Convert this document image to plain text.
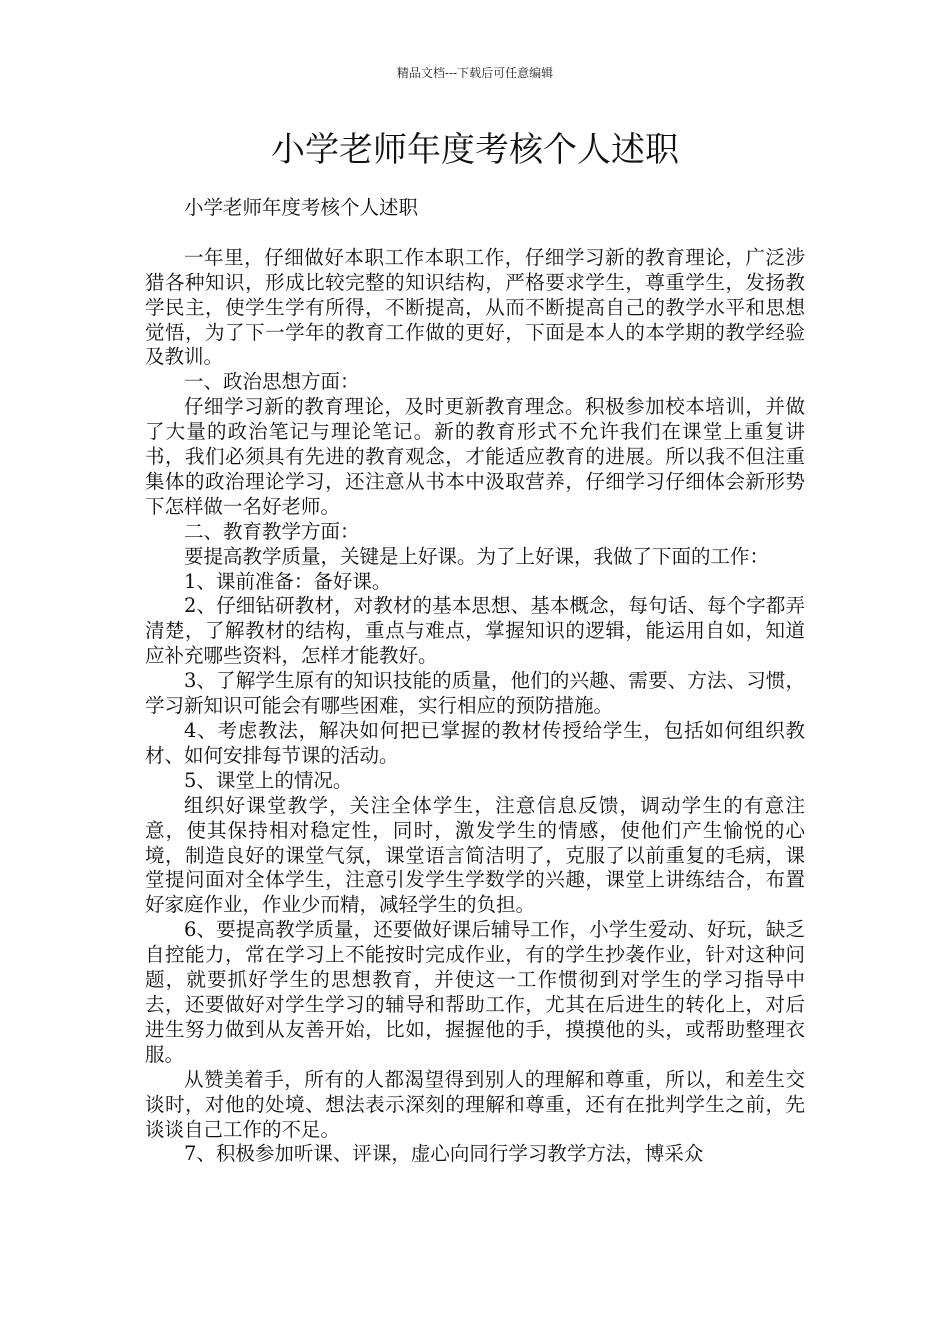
精品文档---下载后可任意编辑
小学老师年度考核个人述职

小学老师年度考核个人述职

一年里，仔细做好本职工作本职工作，仔细学习新的教育理论，广泛涉猎各种知识，形成比较完整的知识结构，严格要求学生，尊重学生，发扬教学民主，使学生学有所得，不断提高，从而不断提高自己的教学水平和思想觉悟，为了下一学年的教育工作做的更好，下面是本人的本学期的教学经验及教训。

一、政治思想方面：

仔细学习新的教育理论，及时更新教育理念。积极参加校本培训，并做了大量的政治笔记与理论笔记。新的教育形式不允许我们在课堂上重复讲书，我们必须具有先进的教育观念，才能适应教育的进展。所以我不但注重集体的政治理论学习，还注意从书本中汲取营养，仔细学习仔细体会新形势下怎样做一名好老师。

二、教育教学方面：

要提高教学质量，关键是上好课。为了上好课，我做了下面的工作：

1、课前准备：备好课。

2、仔细钻研教材，对教材的基本思想、基本概念，每句话、每个字都弄清楚，了解教材的结构，重点与难点，掌握知识的逻辑，能运用自如，知道应补充哪些资料，怎样才能教好。

3、了解学生原有的知识技能的质量，他们的兴趣、需要、方法、习惯，学习新知识可能会有哪些困难，实行相应的预防措施。

4、考虑教法，解决如何把已掌握的教材传授给学生，包括如何组织教材、如何安排每节课的活动。

5、课堂上的情况。

组织好课堂教学，关注全体学生，注意信息反馈，调动学生的有意注意，使其保持相对稳定性，同时，激发学生的情感，使他们产生愉悦的心境，制造良好的课堂气氛，课堂语言简洁明了，克服了以前重复的毛病，课堂提问面对全体学生，注意引发学生学数学的兴趣，课堂上讲练结合，布置好家庭作业，作业少而精，减轻学生的负担。

6、要提高教学质量，还要做好课后辅导工作，小学生爱动、好玩，缺乏自控能力，常在学习上不能按时完成作业，有的学生抄袭作业，针对这种问题，就要抓好学生的思想教育，并使这一工作惯彻到对学生的学习指导中去，还要做好对学生学习的辅导和帮助工作，尤其在后进生的转化上，对后进生努力做到从友善开始，比如，握握他的手，摸摸他的头，或帮助整理衣服。

从赞美着手，所有的人都渴望得到别人的理解和尊重，所以，和差生交谈时，对他的处境、想法表示深刻的理解和尊重，还有在批判学生之前，先谈谈自己工作的不足。

7、积极参加听课、评课，虚心向同行学习教学方法，博采众
